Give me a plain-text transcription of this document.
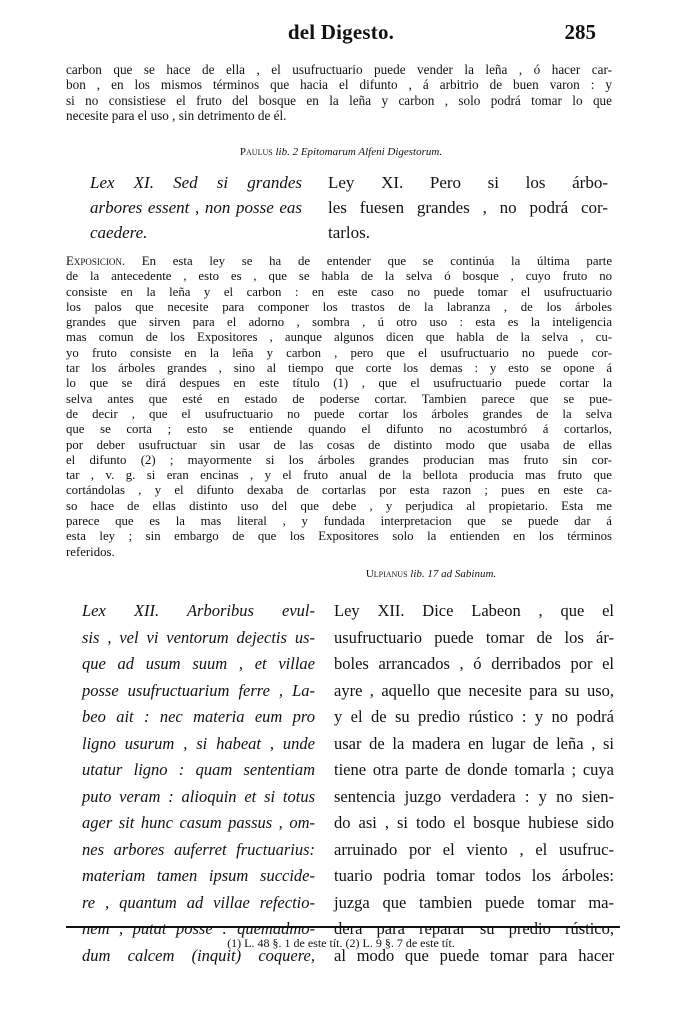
del Digesto.	285
carbon que se hace de ella , el usufructuario puede vender la leña , ó hacer car-
bon , en los mismos términos que hacia el difunto , á arbitrio de buen varon : y
si no consistiese el fruto del bosque en la leña y carbon , solo podrá tomar lo que
necesite para el uso , sin detrimento de él.
Paulus lib. 2 Epitomarum Alfeni Digestorum.
Lex XI. Sed si grandes
arbores essent , non posse eas
caedere.
Ley XI. Pero si los árbo-
les fuesen grandes , no podrá cor-
tarlos.
Exposicion. En esta ley se ha de entender que se continúa la última parte
de la antecedente , esto es , que se habla de la selva ó bosque , cuyo fruto no
consiste en la leña y el carbon : en este caso no puede tomar el usufructuario
los palos que necesite para componer los trastos de la labranza , de los árboles
grandes que sirven para el adorno , sombra , ú otro uso : esta es la inteligencia
mas comun de los Expositores , aunque algunos dicen que habla de la selva , cu-
yo fruto consiste en la leña y carbon , pero que el usufructuario no puede cor-
tar los árboles grandes , sino al tiempo que corte los demas : y esto se opone á
lo que se dirá despues en este título (1) , que el usufructuario puede cortar la
selva antes que esté en estado de poderse cortar. Tambien parece que se pue-
de decir , que el usufructuario no puede cortar los árboles grandes de la selva
que se corta ; esto se entiende quando el difunto no acostumbró á cortarlos,
por deber usufructuar sin usar de las cosas de distinto modo que usaba de ellas
el difunto (2) ; mayormente si los árboles grandes producian mas fruto sin cor-
tar , v. g. si eran encinas , y el fruto anual de la bellota producia mas fruto que
cortándolas , y el difunto dexaba de cortarlas por esta razon ; pues en este ca-
so hace de ellas distinto uso del que debe , y perjudica al propietario. Esta me
parece que es la mas literal , y fundada interpretacion que se puede dar á
esta ley ; sin embargo de que los Expositores solo la entienden en los términos
referidos.
Ulpianus lib. 17 ad Sabinum.
Lex XII. Arboribus evul-
sis , vel vi ventorum dejectis us-
que ad usum suum , et villae
posse usufructuarium ferre , La-
beo ait : nec materia eum pro
ligno usurum , si habeat , unde
utatur ligno : quam sententiam
puto veram : alioquin et si totus
ager sit hunc casum passus , om-
nes arbores auferret fructuarius:
materiam tamen ipsum succide-
re , quantum ad villae refectio-
nem , putat posse : quemadmo-
dum calcem (inquit) coquere,
Ley XII. Dice Labeon , que el
usufructuario puede tomar de los ár-
boles arrancados , ó derribados por el
ayre , aquello que necesite para su uso,
y el de su predio rústico : y no podrá
usar de la madera en lugar de leña , si
tiene otra parte de donde tomarla ; cuya
sentencia juzgo verdadera : y no sien-
do asi , si todo el bosque hubiese sido
arruinado por el viento , el usufruc-
tuario podria tomar todos los árboles:
juzga que tambien puede tomar ma-
dera para reparar su predio rústico,
al modo que puede tomar para hacer
(1) L. 48 §. 1 de este tít. (2) L. 9 §. 7 de este tít.
